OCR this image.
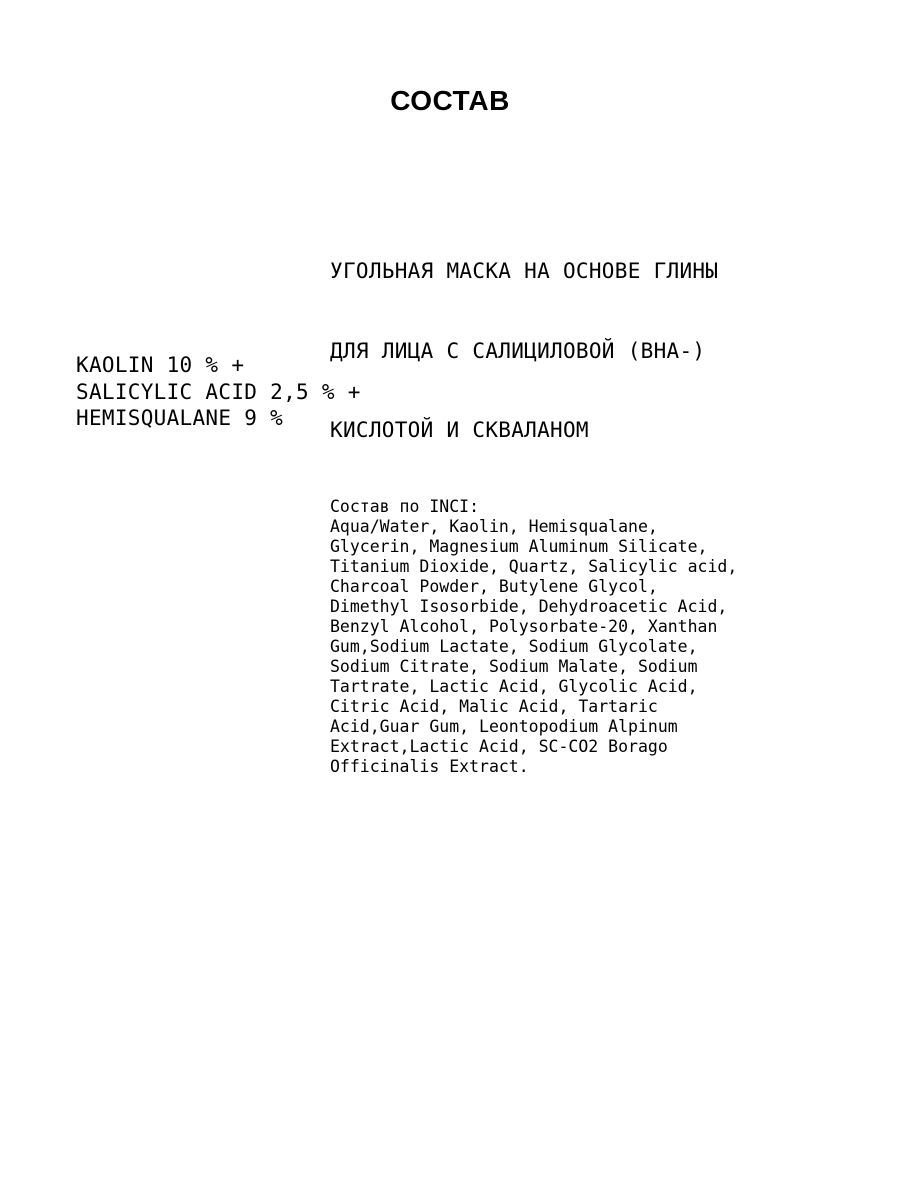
СОСТАВ

УГОЛЬНАЯ МАСКА НА ОСНОВЕ ГЛИНЫ

ДЛЯ ЛИЦА С САЛИЦИЛОВОЙ (ВНА-)

КИСЛОТОЙ И СКВАЛАНОМ

KAOLIN 10 % +
SALICYLIC ACID 2,5 % +
HEMISQUALANE 9 %
Состав по INCI:
Aqua/Water, Kaolin, Hemisqualane,
Glycerin, Magnesium Aluminum Silicate,
Titanium Dioxide, Quartz, Salicylic acid,
Charcoal Powder, Butylene Glycol,
Dimethyl Isosorbide, Dehydroacetic Acid,
Benzyl Alcohol, Polysorbate-20, Xanthan
Gum,Sodium Lactate, Sodium Glycolate,
Sodium Citrate, Sodium Malate, Sodium
Tartrate, Lactic Acid, Glycolic Acid,
Citric Acid, Malic Acid, Tartaric
Acid,Guar Gum, Leontopodium Alpinum
Extract,Lactic Acid, SC-CO2 Borago
Officinalis Extract.
